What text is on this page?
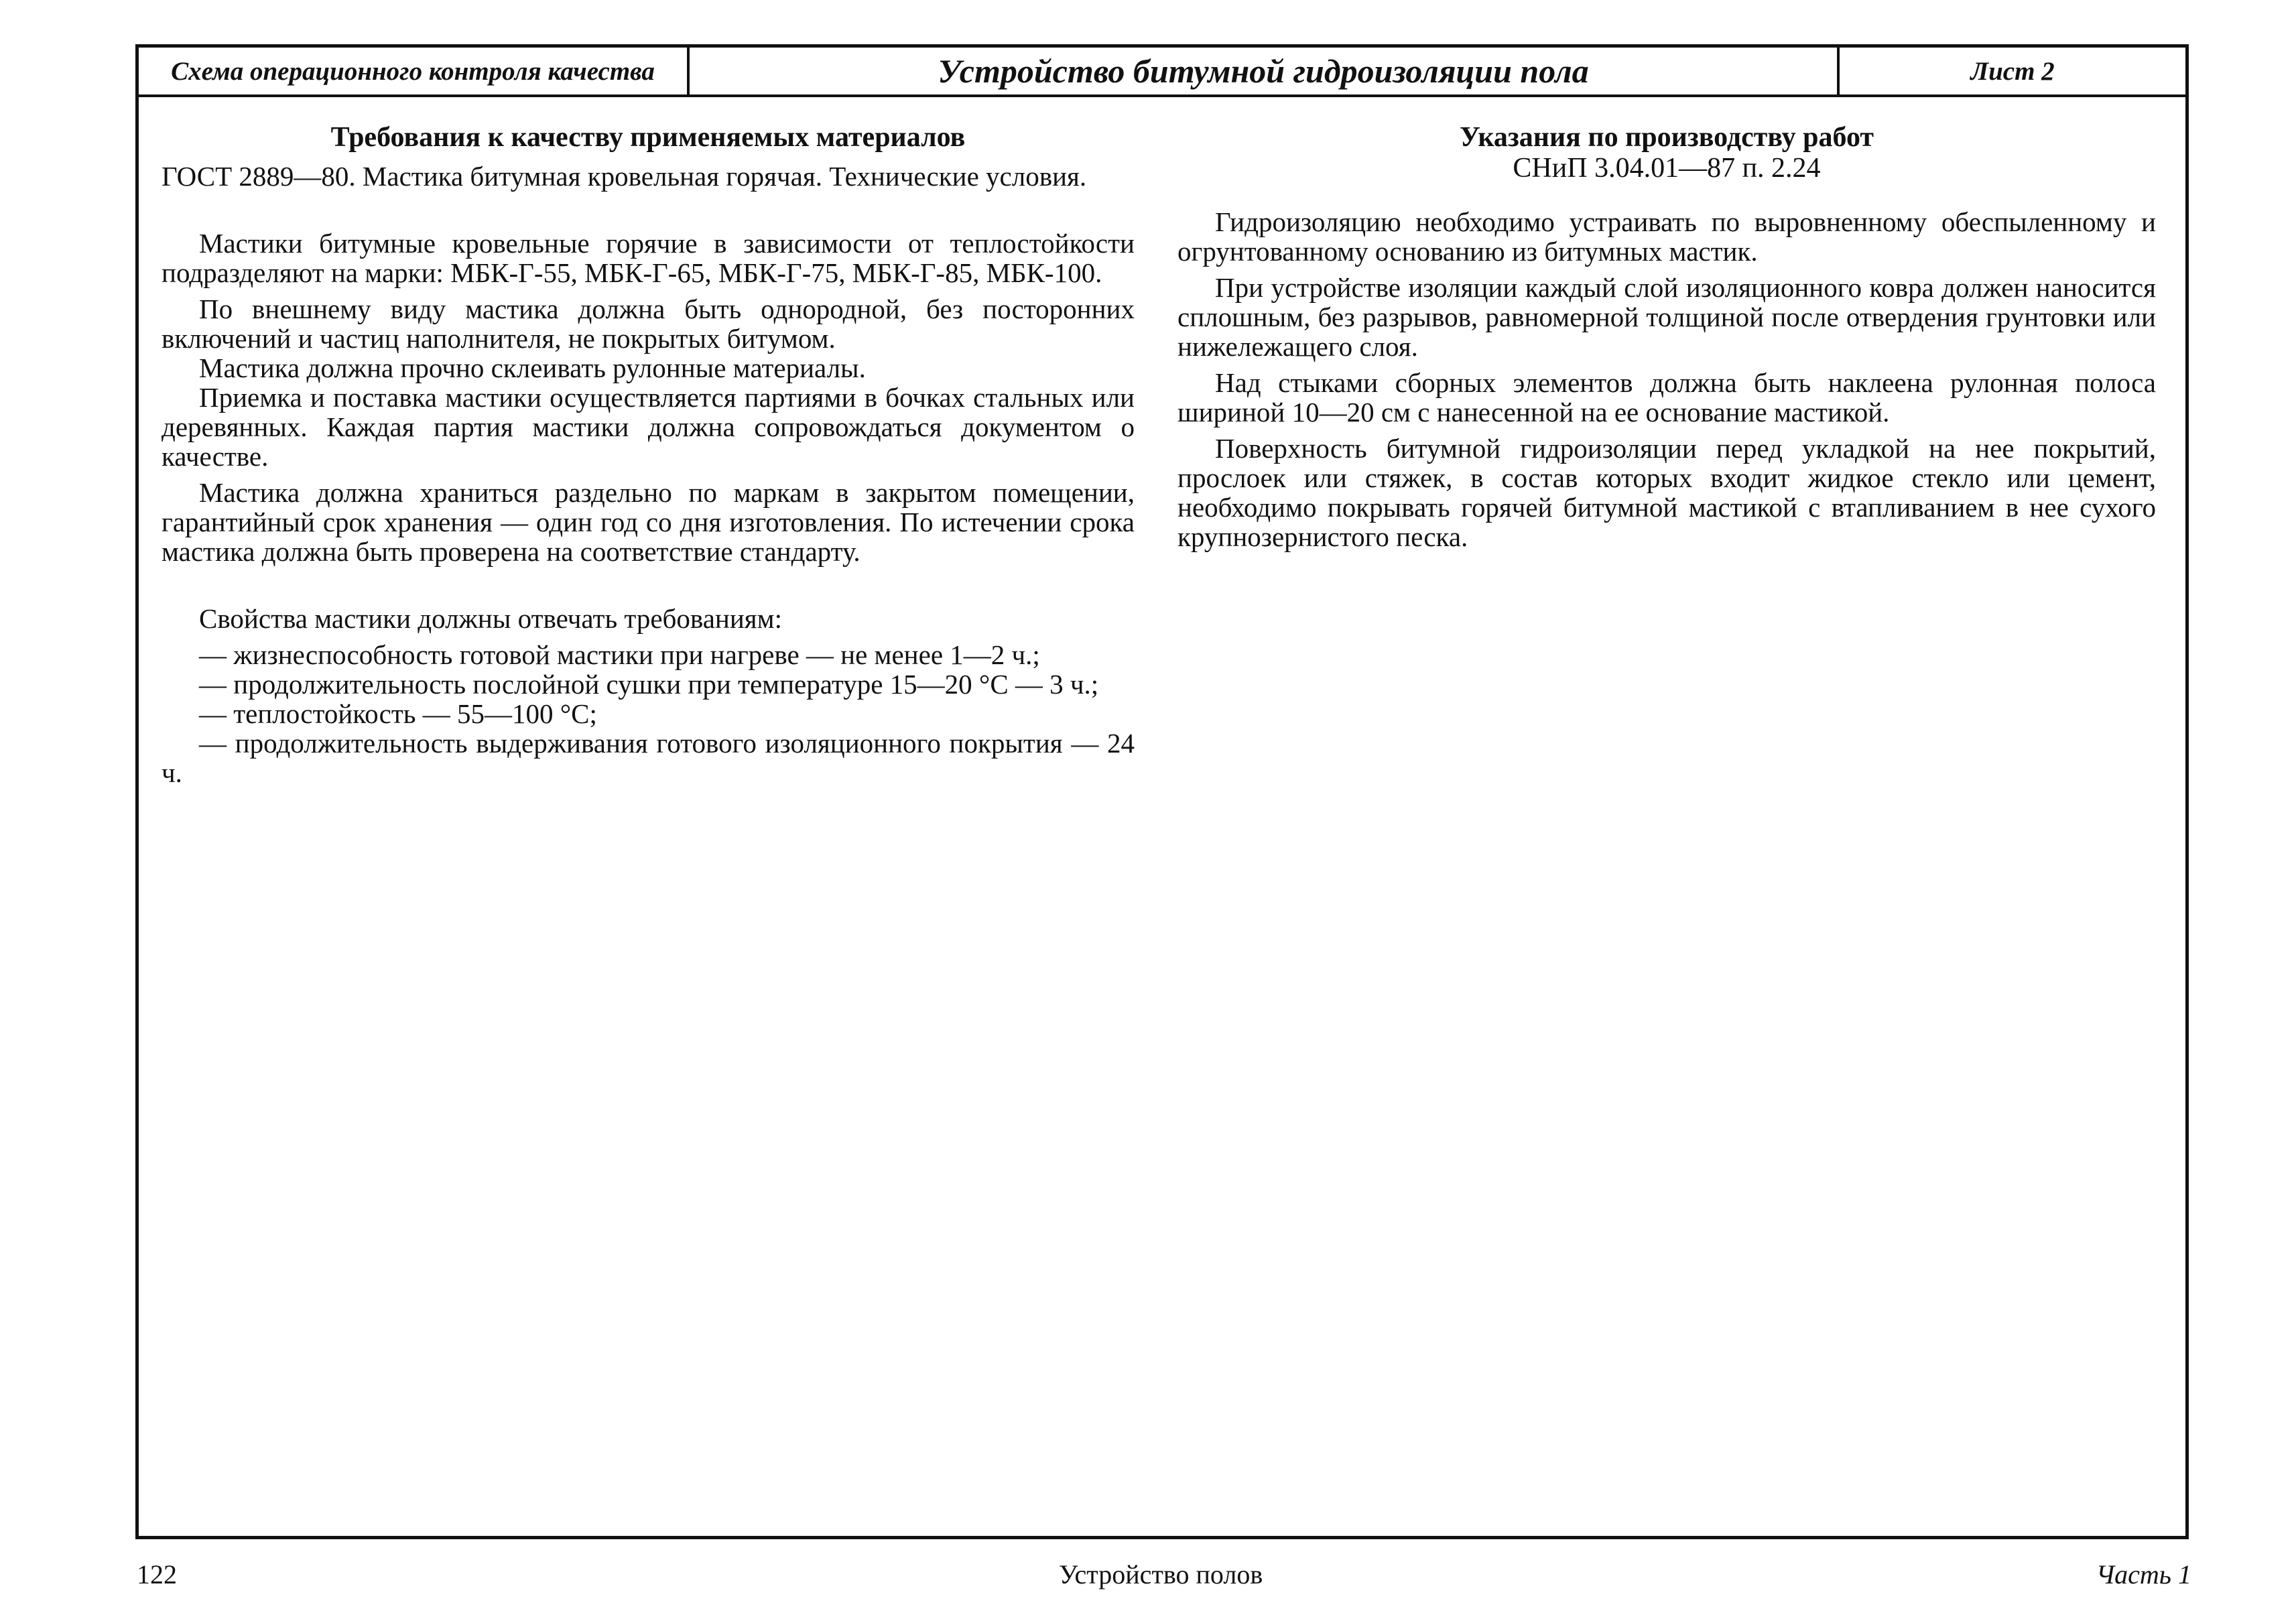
Схема операционного контроля качества	Устройство битумной гидроизоляции пола	Лист 2
Требования к качеству применяемых материалов

ГОСТ 2889—80. Мастика битумная кровельная горячая. Технические условия.

Мастики битумные кровельные горячие в зависимости от теплостойкости подразделяют на марки: МБК-Г-55, МБК-Г-65, МБК-Г-75, МБК-Г-85, МБК-100.

По внешнему виду мастика должна быть однородной, без посторонних включений и частиц наполнителя, не покрытых битумом.

Мастика должна прочно склеивать рулонные материалы.

Приемка и поставка мастики осуществляется партиями в бочках стальных или деревянных. Каждая партия мастики должна сопровождаться документом о качестве.

Мастика должна храниться раздельно по маркам в закрытом помещении, гарантийный срок хранения — один год со дня изготовления. По истечении срока мастика должна быть проверена на соответствие стандарту.

Свойства мастики должны отвечать требованиям:

— жизнеспособность готовой мастики при нагреве — не менее 1—2 ч.;

— продолжительность послойной сушки при температуре 15—20 °С — 3 ч.;

— теплостойкость — 55—100 °С;

— продолжительность выдерживания готового изоляционного покрытия — 24 ч.

Указания по производству работ

СНиП 3.04.01—87 п. 2.24

Гидроизоляцию необходимо устраивать по выровненному обеспыленному и огрунтованному основанию из битумных мастик.

При устройстве изоляции каждый слой изоляционного ковра должен наносится сплошным, без разрывов, равномерной толщиной после отвердения грунтовки или нижележащего слоя.

Над стыками сборных элементов должна быть наклеена рулонная полоса шириной 10—20 см с нанесенной на ее основание мастикой.

Поверхность битумной гидроизоляции перед укладкой на нее покрытий, прослоек или стяжек, в состав которых входит жидкое стекло или цемент, необходимо покрывать горячей битумной мастикой с втапливанием в нее сухого крупнозернистого песка.

122	Устройство полов	Часть 1
